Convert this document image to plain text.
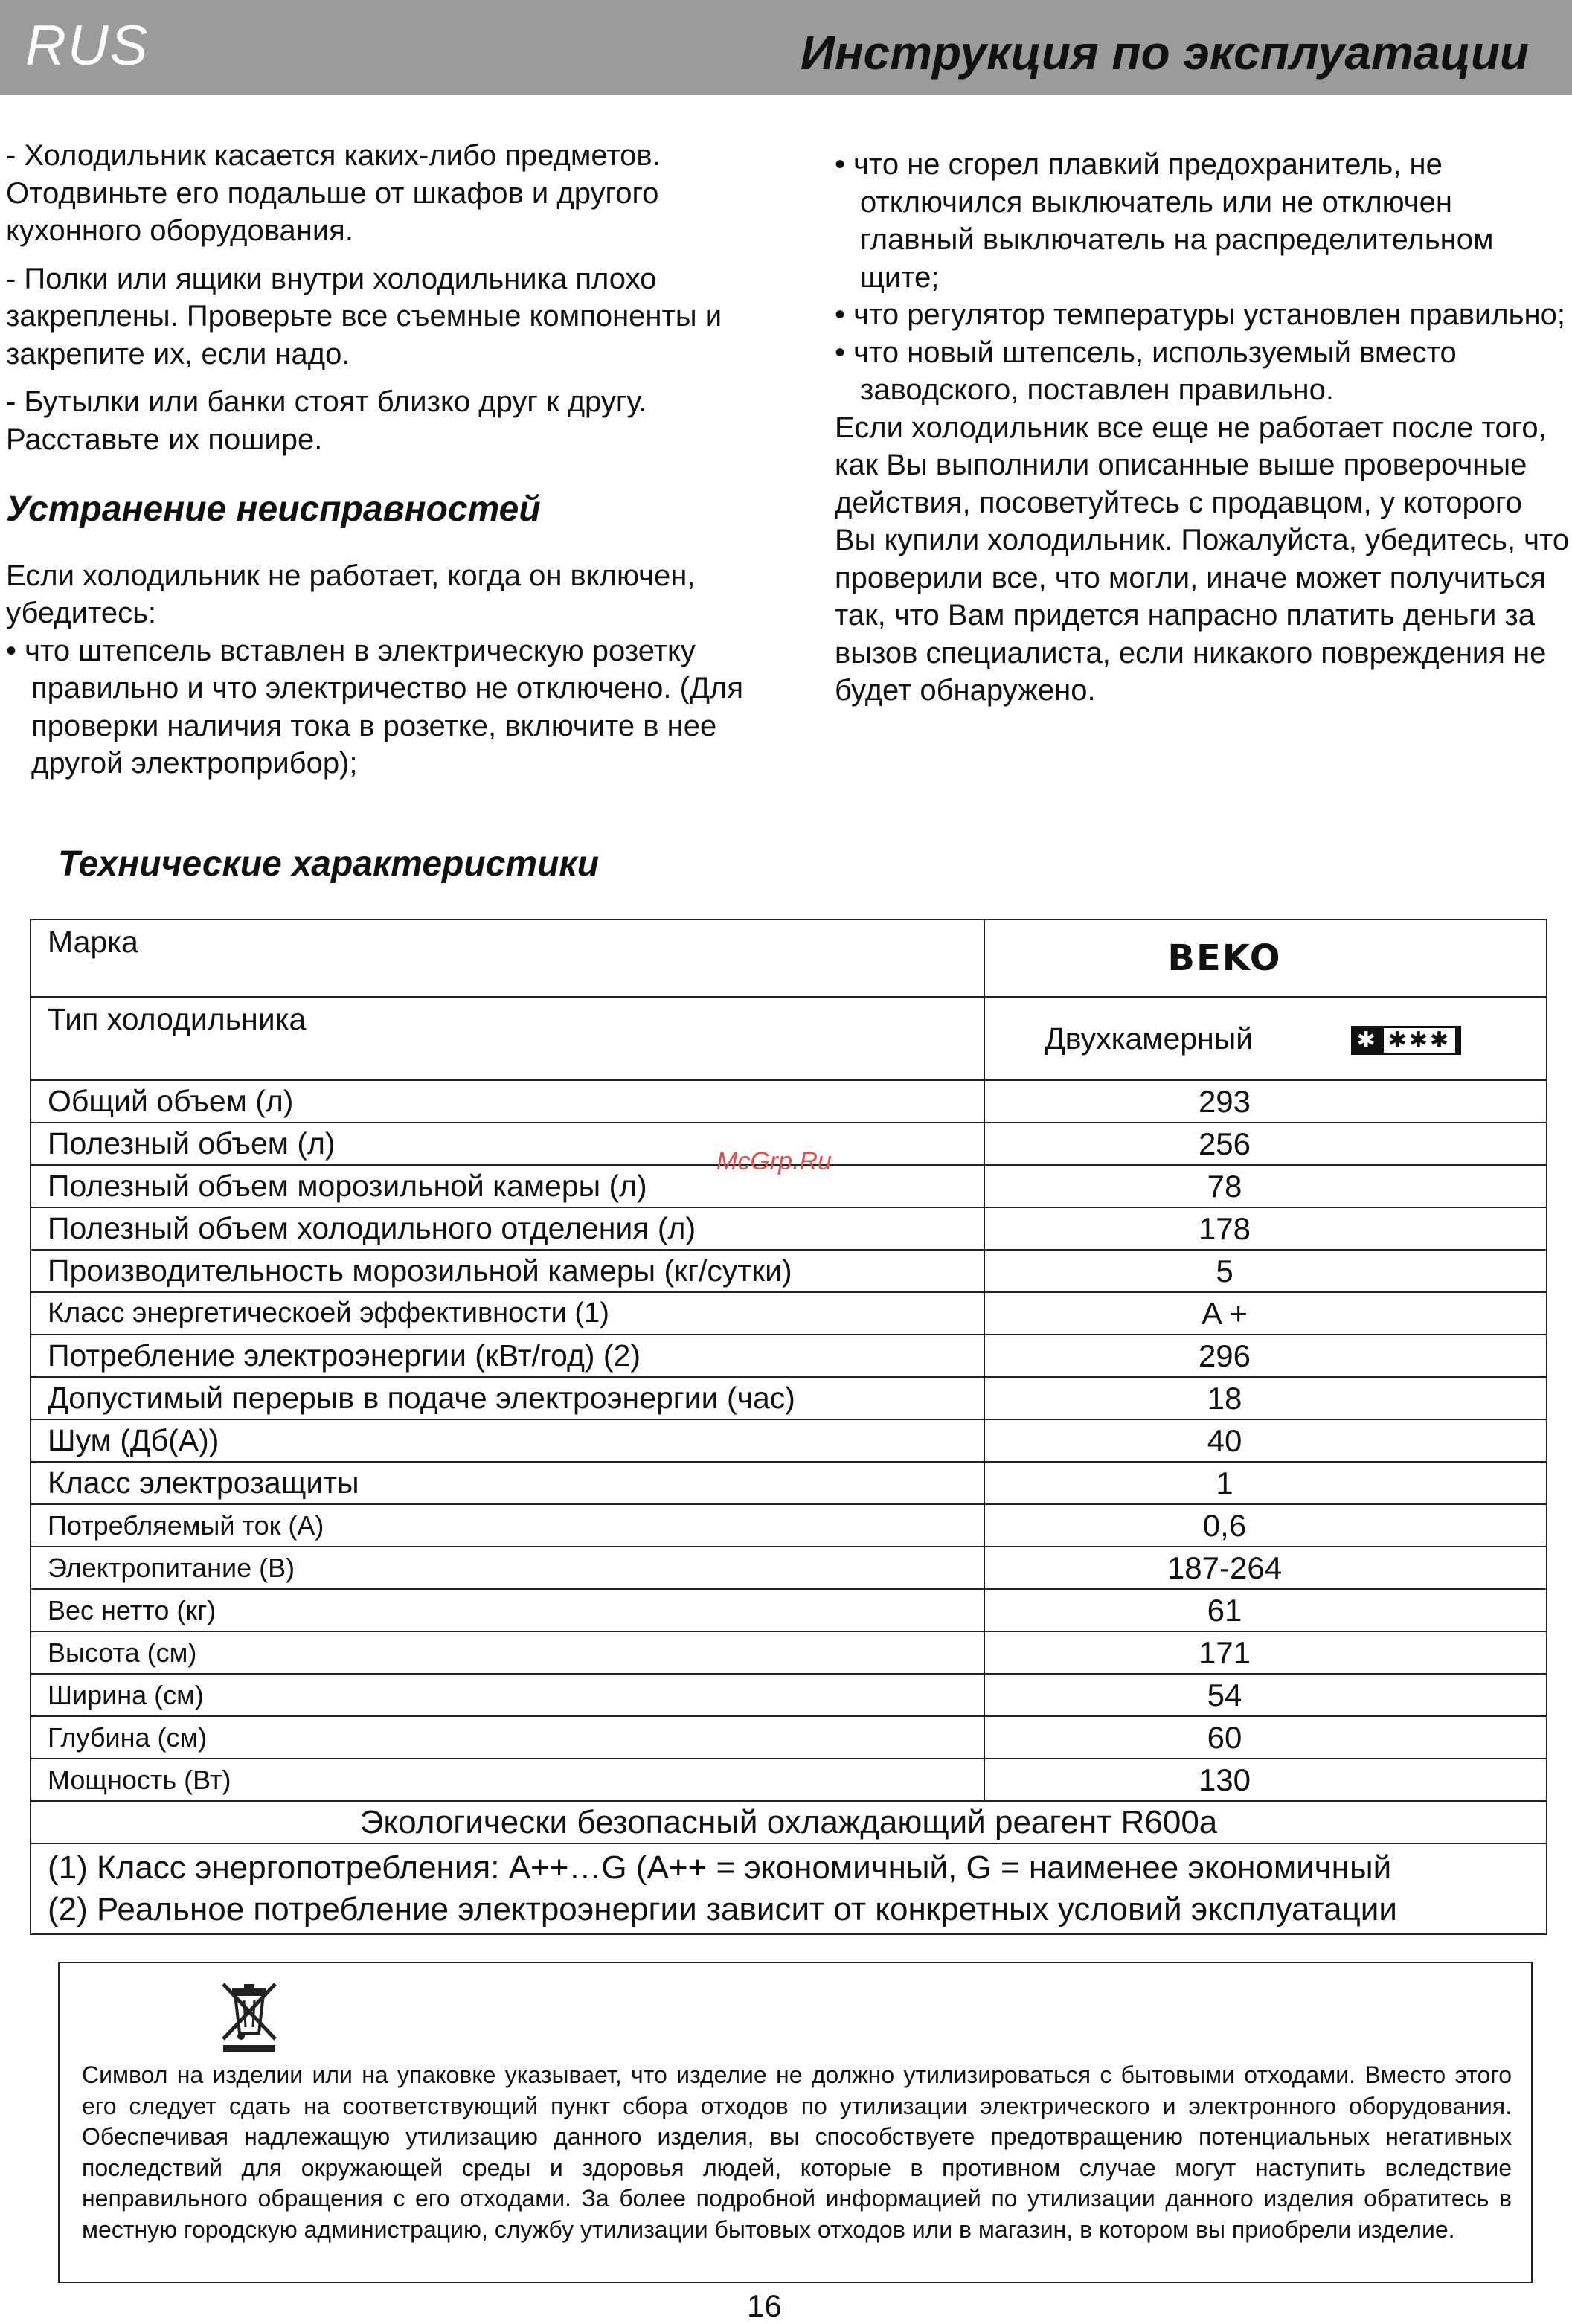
RUS	Инструкция по эксплуатации

- Холодильник касается каких-либо предметов. Отодвиньте его подальше от шкафов и другого кухонного оборудования.

- Полки или ящики внутри холодильника плохо закреплены. Проверьте все съемные компоненты и закрепите их, если надо.

- Бутылки или банки стоят близко друг к другу. Расставьте их пошире.

Устранение неисправностей

Если холодильник не работает, когда он включен, убедитесь:

• что штепсель вставлен в электрическую розетку правильно и что электричество не отключено. (Для проверки наличия тока в розетке, включите в нее другой электроприбор);

• что не сгорел плавкий предохранитель, не отключился выключатель или не отключен главный выключатель на распределительном щите;

• что регулятор температуры установлен правильно;

• что новый штепсель, используемый вместо заводского, поставлен правильно.

Если холодильник все еще не работает после того, как Вы выполнили описанные выше проверочные действия, посоветуйтесь с продавцом, у которого Вы купили холодильник. Пожалуйста, убедитесь, что проверили все, что могли, иначе может получиться так, что Вам придется напрасно платить деньги за вызов специалиста, если никакого повреждения не будет обнаружено.

Технические характеристики
Марка	BEKO
Тип холодильника	Двухкамерный ✱ ✱✱✱
Общий объем (л)	293
Полезный объем (л)	256
Полезный объем морозильной камеры (л)	78
Полезный объем холодильного отделения (л)	178
Производительность морозильной камеры (кг/сутки)	5
Класс энергетическоей эффективности (1)	A +
Потребление электроэнергии (кВт/год) (2)	296
Допустимый перерыв в подаче электроэнергии (час)	18
Шум (Дб(A))	40
Класс электрозащиты	1
Потребляемый ток (А)	0,6
Электропитание (В)	187-264
Вес нетто (кг)	61
Высота (см)	171
Ширина (см)	54
Глубина (см)	60
Мощность (Вт)	130
Экологически безопасный охлаждающий реагент R600a	

(1) Класс энергопотребления: A++…G (A++ = экономичный, G = наименее экономичный
(2) Реальное потребление электроэнергии зависит от конкретных условий эксплуатации	
McGrp.Ru
Символ на изделии или на упаковке указывает, что изделие не должно утилизироваться с бытовыми отходами. Вместо этого его следует сдать на соответствующий пункт сбора отходов по утилизации электрического и электронного оборудования. Обеспечивая надлежащую утилизацию данного изделия, вы способствуете предотвращению потенциальных негативных последствий для окружающей среды и здоровья людей, которые в противном случае могут наступить вследствие неправильного обращения с его отходами. За более подробной информацией по утилизации данного изделия обратитесь в местную городскую администрацию, службу утилизации бытовых отходов или в магазин, в котором вы приобрели изделие.
16
